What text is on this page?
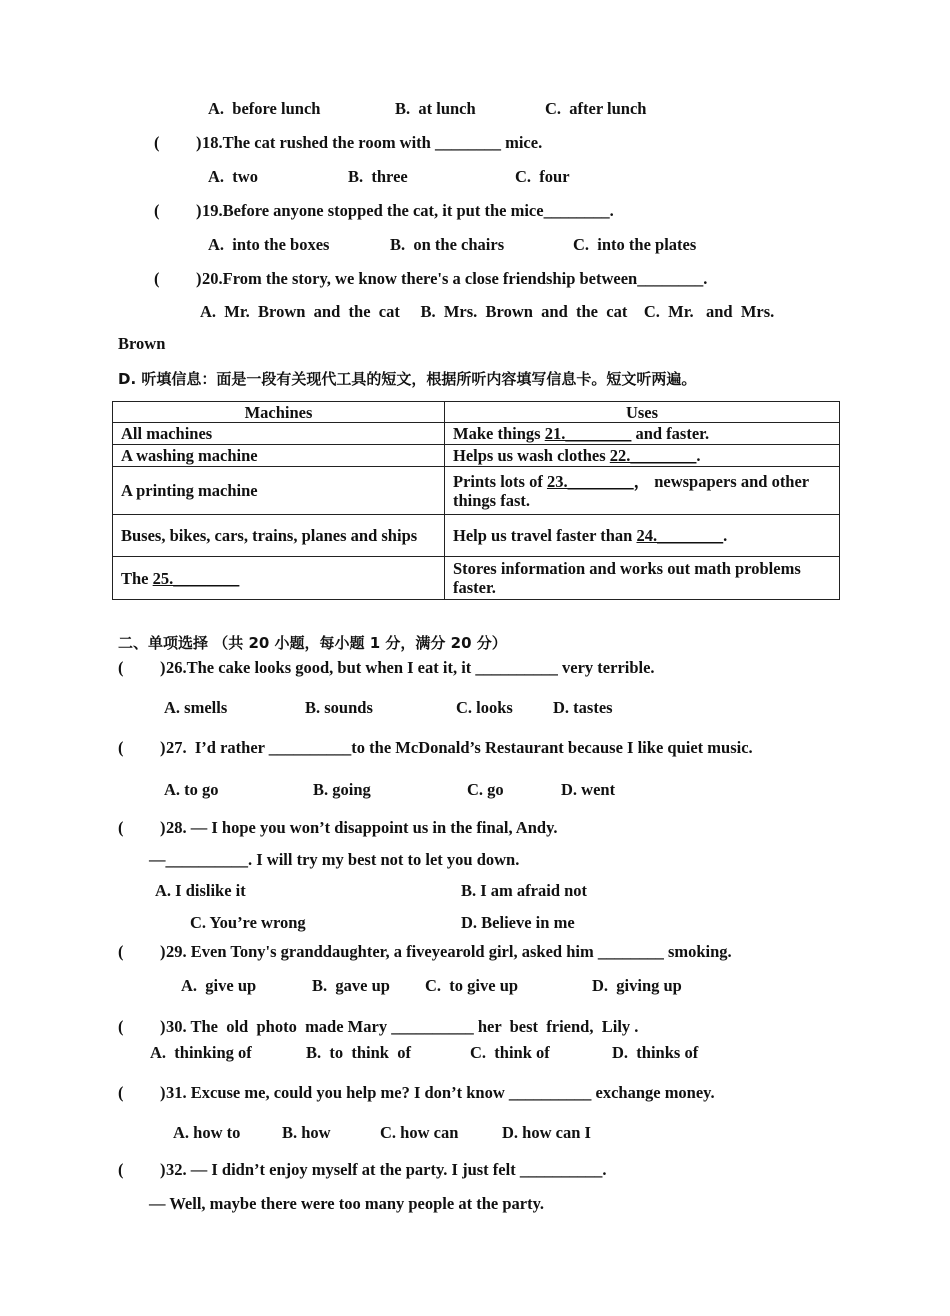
A.  before lunch	B.  at lunch	C.  after lunch
( ) 18.The cat rushed the room with ________ mice.
A.  two	B.  three	C.  four
( ) 19.Before anyone stopped the cat, it put the mice________.
A.  into the boxes	B.  on the chairs	C.  into the plates
( ) 20.From the story, we know there's a close friendship between________.
A.  Mr.  Brown  and  the  cat     B.  Mrs.  Brown  and  the  cat    C.  Mr.   and  Mrs.
Brown
D. 听填信息：面是一段有关现代工具的短文，根据所听内容填写信息卡。短文听两遍。
Machines	Uses
All machines	Make things 21.________ and faster.
A washing machine	Helps us wash clothes 22.________.
A printing machine	Prints lots of 23.________， newspapers and other things fast.
Buses, bikes, cars, trains, planes and ships	Help us travel faster than 24.________.
The 25.________	Stores information and works out math problems faster.
二、单项选择 （共 20 小题，每小题 1 分，满分 20 分）
( ) 26.The cake looks good, but when I eat it, it __________ very terrible.
A. smells	B. sounds	C. looks D. tastes
( ) 27.  I’d rather __________to the McDonald’s Restaurant because I like quiet music.
A. to go	B. going	C. go	D. went
( ) 28. — I hope you won’t disappoint us in the final, Andy.
—__________. I will try my best not to let you down.
A. I dislike it	B. I am afraid not
C. You’re wrong	D. Believe in me
( ) 29. Even Tony's granddaughter, a fiveyearold girl, asked him ________ smoking.
A.  give up	B.  gave up C.  to give up	D.  giving up
( ) 30. The  old  photo  made Mary __________ her  best  friend,  Lily .
A.  thinking of	B.  to  think  of	C.  think of	D.  thinks of
( ) 31. Excuse me, could you help me? I don’t know __________ exchange money.
A. how to	B. how	C. how can	D. how can I
( ) 32. — I didn’t enjoy myself at the party. I just felt __________.
— Well, maybe there were too many people at the party.
